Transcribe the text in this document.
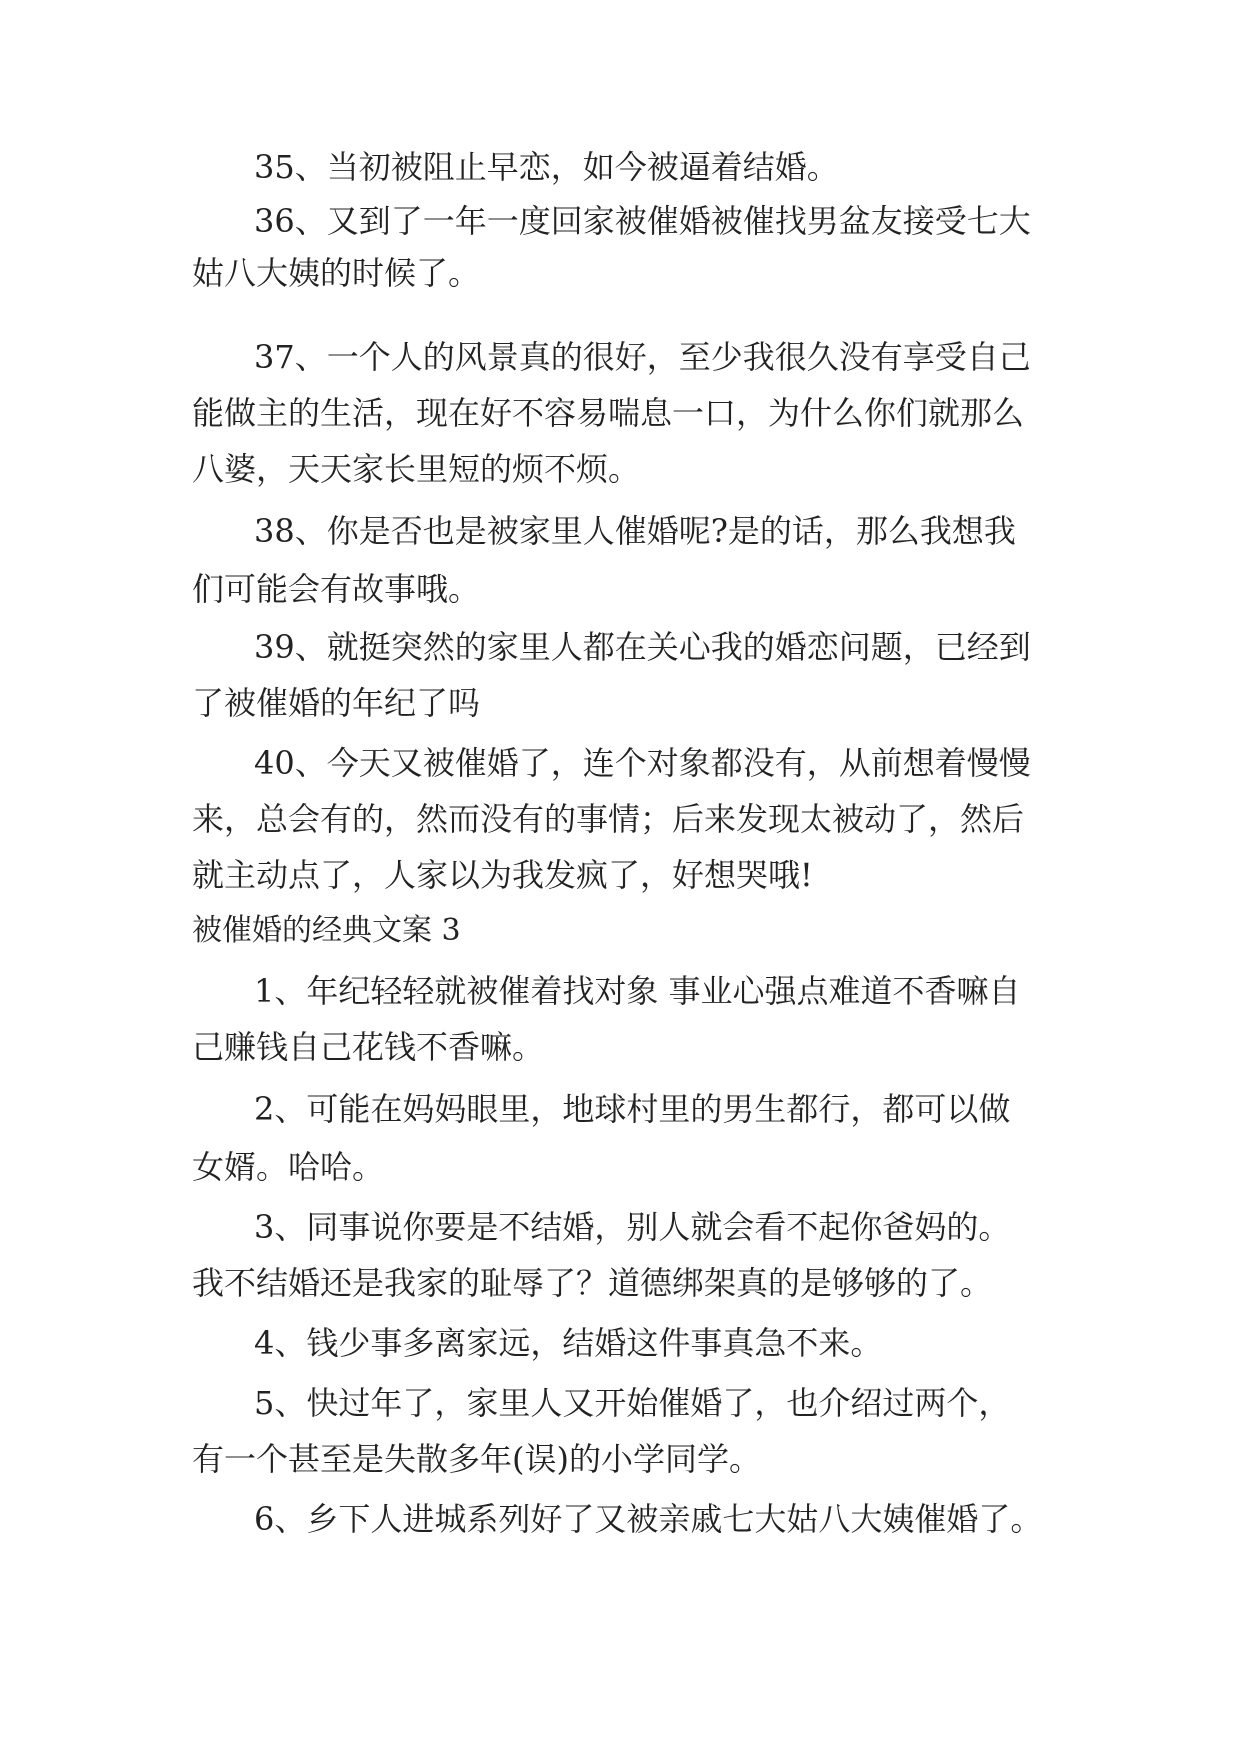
35、当初被阻止早恋，如今被逼着结婚。

36、又到了一年一度回家被催婚被催找男盆友接受七大

姑八大姨的时候了。

37、一个人的风景真的很好，至少我很久没有享受自己

能做主的生活，现在好不容易喘息一口，为什么你们就那么

八婆，天天家长里短的烦不烦。

38、你是否也是被家里人催婚呢?是的话，那么我想我

们可能会有故事哦。

39、就挺突然的家里人都在关心我的婚恋问题，已经到

了被催婚的年纪了吗

40、今天又被催婚了，连个对象都没有，从前想着慢慢

来，总会有的，然而没有的事情；后来发现太被动了，然后

就主动点了，人家以为我发疯了，好想哭哦!

被催婚的经典文案 3

1、年纪轻轻就被催着找对象 事业心强点难道不香嘛自

己赚钱自己花钱不香嘛。

2、可能在妈妈眼里，地球村里的男生都行，都可以做

女婿。哈哈。

3、同事说你要是不结婚，别人就会看不起你爸妈的。

我不结婚还是我家的耻辱了？道德绑架真的是够够的了。

4、钱少事多离家远，结婚这件事真急不来。

5、快过年了，家里人又开始催婚了，也介绍过两个，

有一个甚至是失散多年(误)的小学同学。

6、乡下人进城系列好了又被亲戚七大姑八大姨催婚了。
